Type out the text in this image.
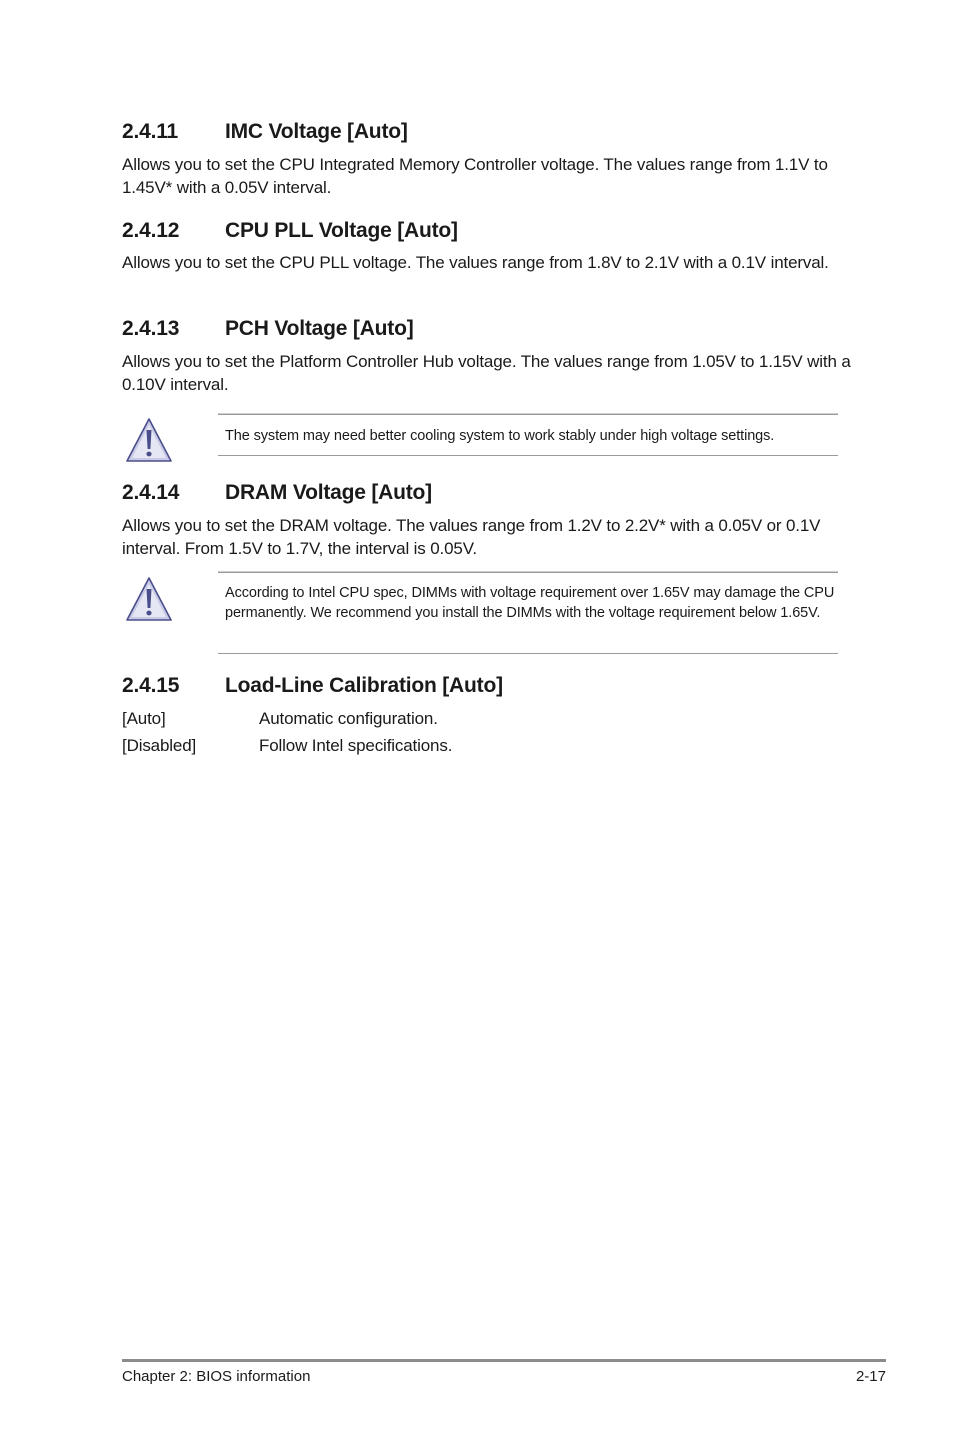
2.4.11 IMC Voltage [Auto]
Allows you to set the CPU Integrated Memory Controller voltage. The values range from 1.1V to 1.45V* with a 0.05V interval.
2.4.12 CPU PLL Voltage [Auto]
Allows you to set the CPU PLL voltage. The values range from 1.8V to 2.1V with a 0.1V interval.
2.4.13 PCH Voltage [Auto]
Allows you to set the Platform Controller Hub voltage. The values range from 1.05V to 1.15V with a 0.10V interval.
The system may need better cooling system to work stably under high voltage settings.
2.4.14 DRAM Voltage [Auto]
Allows you to set the DRAM voltage. The values range from 1.2V to 2.2V* with a 0.05V or 0.1V interval. From 1.5V to 1.7V, the interval is 0.05V.
According to Intel CPU spec, DIMMs with voltage requirement over 1.65V may damage the CPU permanently. We recommend you install the DIMMs with the voltage requirement below 1.65V.
2.4.15 Load-Line Calibration [Auto]
[Auto]	Automatic configuration.
[Disabled]	Follow Intel specifications.
Chapter 2: BIOS information	2-17
